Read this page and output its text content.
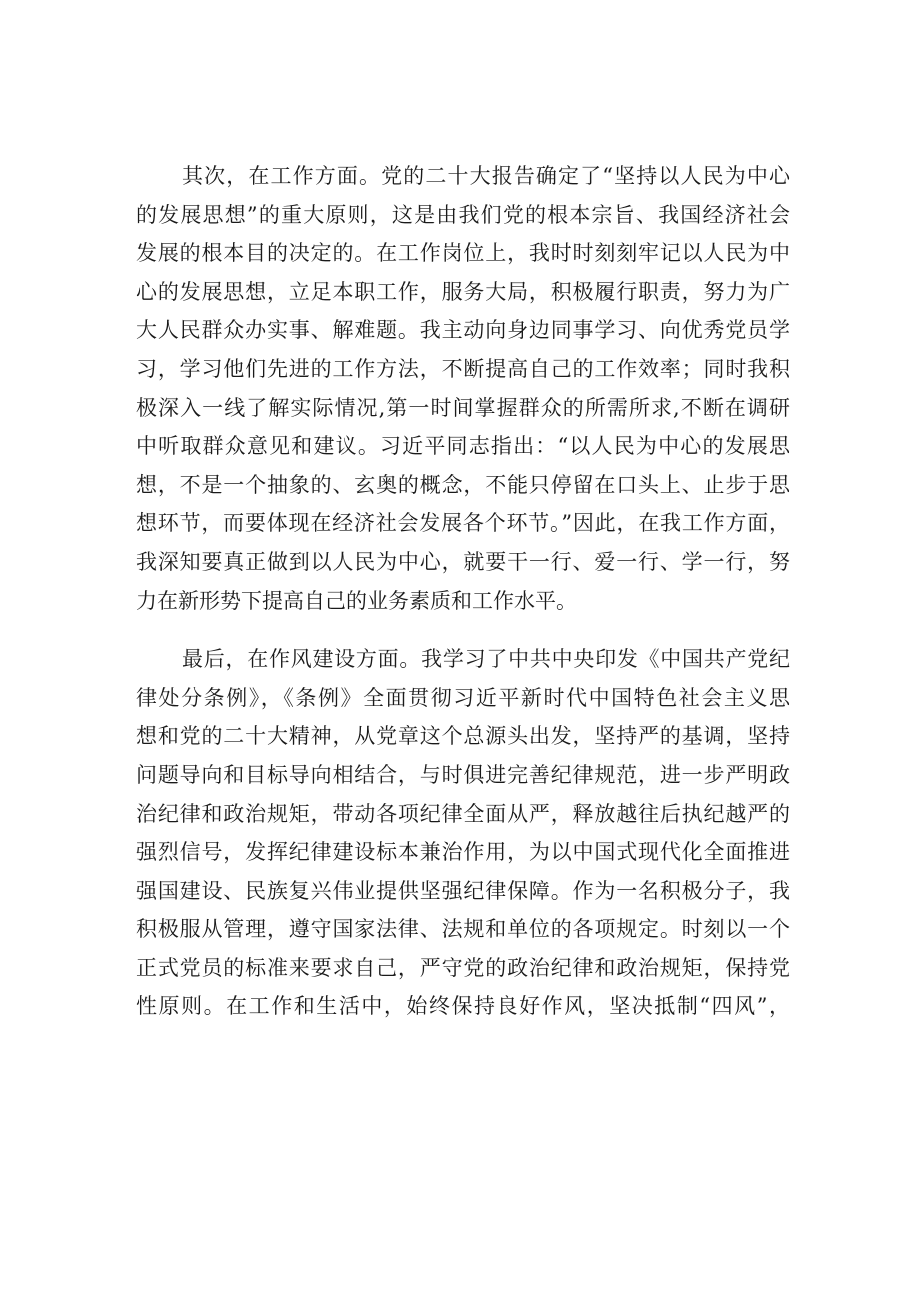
其次，在工作方面。党的二十大报告确定了“坚持以人民为中心
的发展思想”的重大原则，这是由我们党的根本宗旨、我国经济社会
发展的根本目的决定的。在工作岗位上，我时时刻刻牢记以人民为中
心的发展思想，立足本职工作，服务大局，积极履行职责，努力为广
大人民群众办实事、解难题。我主动向身边同事学习、向优秀党员学
习，学习他们先进的工作方法，不断提高自己的工作效率；同时我积
极深入一线了解实际情况,第一时间掌握群众的所需所求,不断在调研
中听取群众意见和建议。习近平同志指出：“以人民为中心的发展思
想，不是一个抽象的、玄奥的概念，不能只停留在口头上、止步于思
想环节，而要体现在经济社会发展各个环节。”因此，在我工作方面，
我深知要真正做到以人民为中心，就要干一行、爱一行、学一行，努
力在新形势下提高自己的业务素质和工作水平。
最后，在作风建设方面。我学习了中共中央印发《中国共产党纪
律处分条例》，《条例》全面贯彻习近平新时代中国特色社会主义思
想和党的二十大精神，从党章这个总源头出发，坚持严的基调，坚持
问题导向和目标导向相结合，与时俱进完善纪律规范，进一步严明政
治纪律和政治规矩，带动各项纪律全面从严，释放越往后执纪越严的
强烈信号，发挥纪律建设标本兼治作用，为以中国式现代化全面推进
强国建设、民族复兴伟业提供坚强纪律保障。作为一名积极分子，我
积极服从管理，遵守国家法律、法规和单位的各项规定。时刻以一个
正式党员的标准来要求自己，严守党的政治纪律和政治规矩，保持党
性原则。在工作和生活中，始终保持良好作风，坚决抵制“四风”，
